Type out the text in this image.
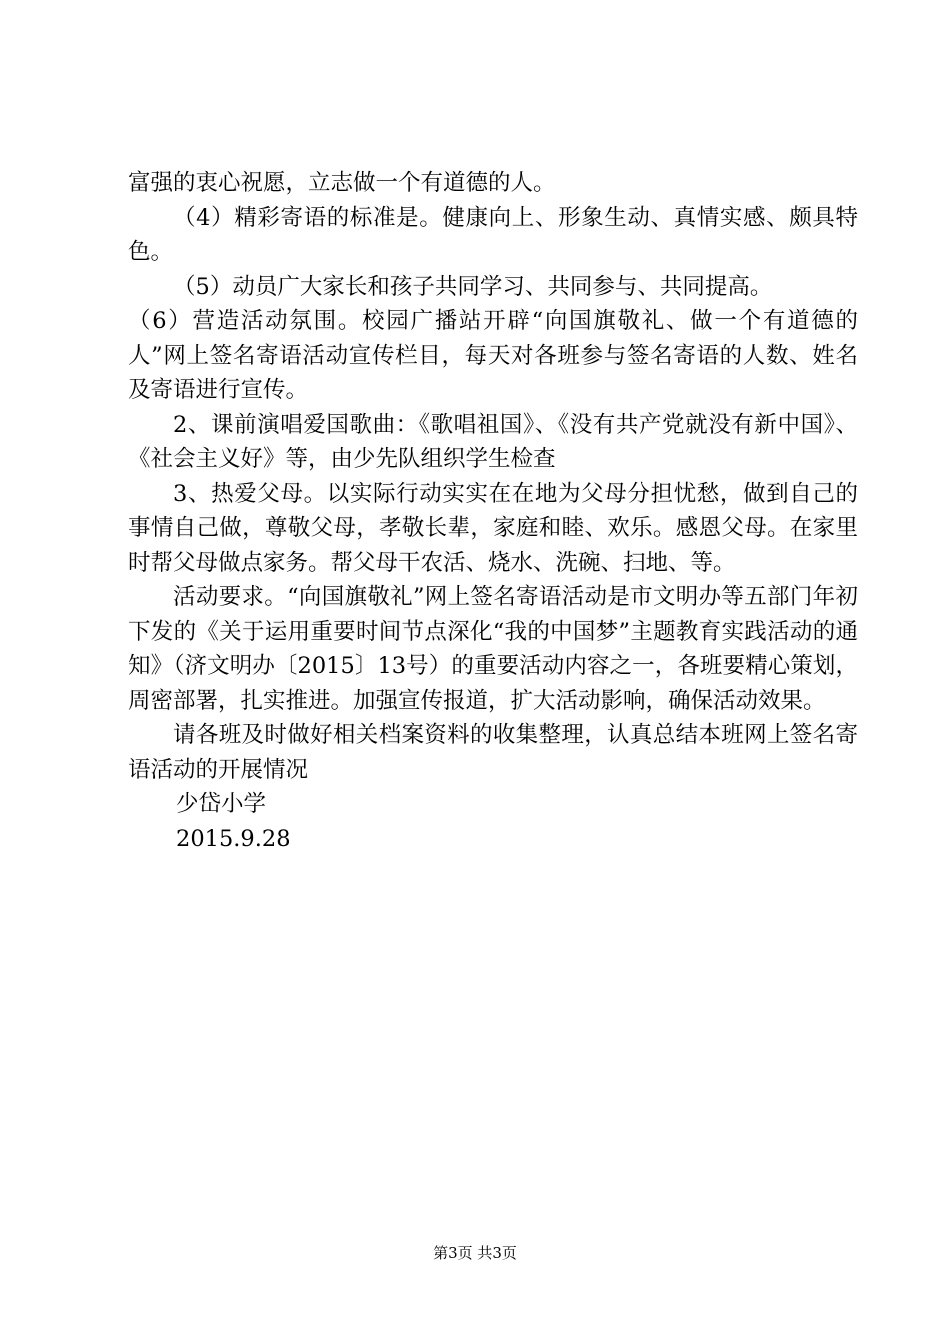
富强的衷心祝愿，立志做一个有道德的人。

（4）精彩寄语的标准是。健康向上、形象生动、真情实感、颇具特色。

（5）动员广大家长和孩子共同学习、共同参与、共同提高。

（6）营造活动氛围。校园广播站开辟“向国旗敬礼、做一个有道德的人”网上签名寄语活动宣传栏目，每天对各班参与签名寄语的人数、姓名及寄语进行宣传。

2、课前演唱爱国歌曲：《歌唱祖国》、《没有共产党就没有新中国》、《社会主义好》等，由少先队组织学生检查

3、热爱父母。以实际行动实实在在地为父母分担忧愁，做到自己的事情自己做，尊敬父母，孝敬长辈，家庭和睦、欢乐。感恩父母。在家里时帮父母做点家务。帮父母干农活、烧水、洗碗、扫地、等。

活动要求。“向国旗敬礼”网上签名寄语活动是市文明办等五部门年初下发的《关于运用重要时间节点深化“我的中国梦”主题教育实践活动的通知》（济文明办〔2015〕13号）的重要活动内容之一，各班要精心策划，周密部署，扎实推进。加强宣传报道，扩大活动影响，确保活动效果。

请各班及时做好相关档案资料的收集整理，认真总结本班网上签名寄语活动的开展情况

少岱小学

2015.9.28

第3页 共3页
